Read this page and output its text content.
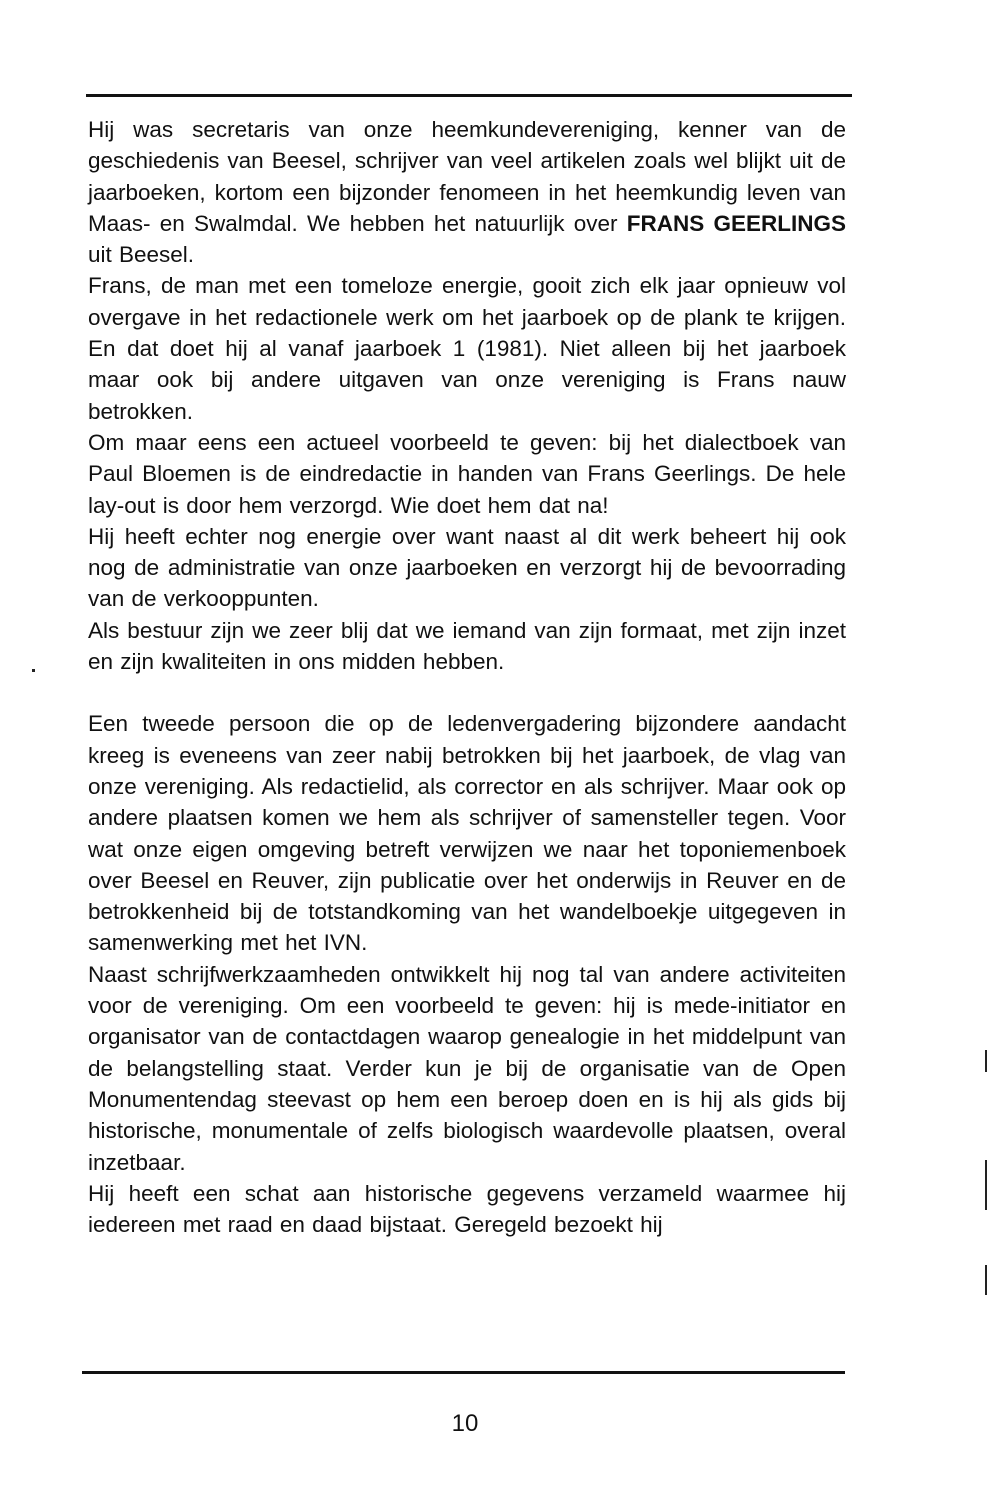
Hij was secretaris van onze heemkundevereniging, kenner van de geschiedenis van Beesel, schrijver van veel artikelen zoals wel blijkt uit de jaarboeken, kortom een bijzonder fenomeen in het heemkundig leven van Maas- en Swalmdal. We hebben het natuurlijk over FRANS GEERLINGS uit Beesel.

Frans, de man met een tomeloze energie, gooit zich elk jaar opnieuw vol overgave in het redactionele werk om het jaarboek op de plank te krijgen. En dat doet hij al vanaf jaarboek 1 (1981). Niet alleen bij het jaarboek maar ook bij andere uitgaven van onze vereniging is Frans nauw betrokken.

Om maar eens een actueel voorbeeld te geven: bij het dialectboek van Paul Bloemen is de eindredactie in handen van Frans Geerlings. De hele lay-out is door hem verzorgd. Wie doet hem dat na!

Hij heeft echter nog energie over want naast al dit werk beheert hij ook nog de administratie van onze jaarboeken en verzorgt hij de bevoorrading van de verkooppunten.

Als bestuur zijn we zeer blij dat we iemand van zijn formaat, met zijn inzet en zijn kwaliteiten in ons midden hebben.

Een tweede persoon die op de ledenvergadering bijzondere aandacht kreeg is eveneens van zeer nabij betrokken bij het jaarboek, de vlag van onze vereniging. Als redactielid, als corrector en als schrijver. Maar ook op andere plaatsen komen we hem als schrijver of samensteller tegen. Voor wat onze eigen omgeving betreft verwijzen we naar het toponiemenboek over Beesel en Reuver, zijn publicatie over het onderwijs in Reuver en de betrokkenheid bij de totstandkoming van het wandelboekje uitgegeven in samenwerking met het IVN.

Naast schrijfwerkzaamheden ontwikkelt hij nog tal van andere activiteiten voor de vereniging. Om een voorbeeld te geven: hij is mede-initiator en organisator van de contactdagen waarop genealogie in het middelpunt van de belangstelling staat. Verder kun je bij de organisatie van de Open Monumentendag steevast op hem een beroep doen en is hij als gids bij historische, monumentale of zelfs biologisch waardevolle plaatsen, overal inzetbaar.

Hij heeft een schat aan historische gegevens verzameld waarmee hij iedereen met raad en daad bijstaat. Geregeld bezoekt hij

10
